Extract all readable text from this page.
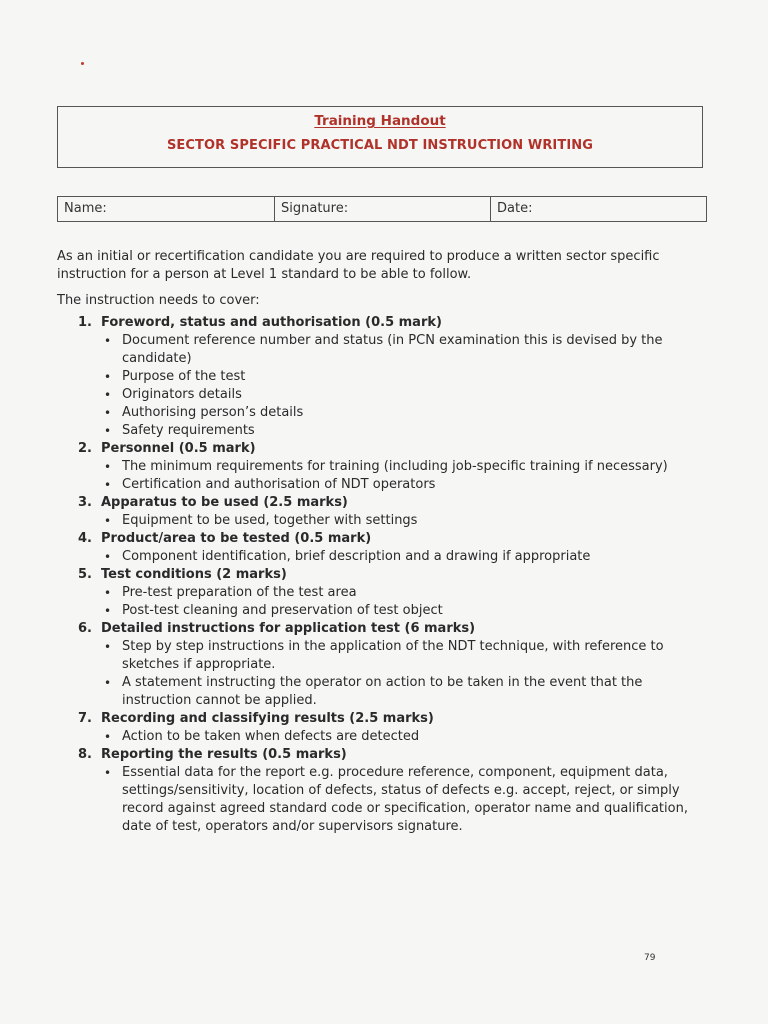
Training Handout
SECTOR SPECIFIC PRACTICAL NDT INSTRUCTION WRITING
Name:	Signature:	Date:

As an initial or recertification candidate you are required to produce a written sector specific instruction for a person at Level 1 standard to be able to follow.

The instruction needs to cover:

1. Foreword, status and authorisation (0.5 mark)
• Document reference number and status (in PCN examination this is devised by the candidate)
• Purpose of the test
• Originators details
• Authorising person’s details
• Safety requirements
2. Personnel (0.5 mark)
• The minimum requirements for training (including job-specific training if necessary)
• Certification and authorisation of NDT operators
3. Apparatus to be used (2.5 marks)
• Equipment to be used, together with settings
4. Product/area to be tested (0.5 mark)
• Component identification, brief description and a drawing if appropriate
5. Test conditions (2 marks)
• Pre-test preparation of the test area
• Post-test cleaning and preservation of test object
6. Detailed instructions for application test (6 marks)
• Step by step instructions in the application of the NDT technique, with reference to sketches if appropriate.
• A statement instructing the operator on action to be taken in the event that the instruction cannot be applied.
7. Recording and classifying results (2.5 marks)
• Action to be taken when defects are detected
8. Reporting the results (0.5 marks)
• Essential data for the report e.g. procedure reference, component, equipment data, settings/sensitivity, location of defects, status of defects e.g. accept, reject, or simply record against agreed standard code or specification, operator name and qualification, date of test, operators and/or supervisors signature.
79
